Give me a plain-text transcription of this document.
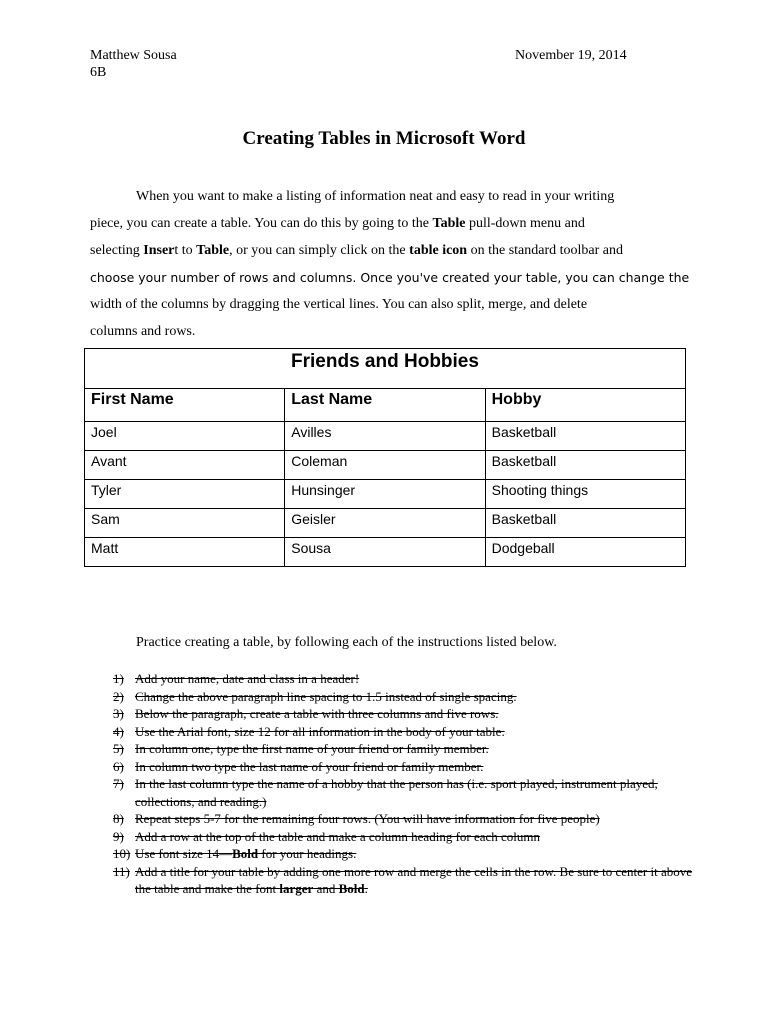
Matthew Sousa
6B
November 19, 2014
Creating Tables in Microsoft Word
When you want to make a listing of information neat and easy to read in your writing
piece, you can create a table. You can do this by going to the Table pull-down menu and
selecting Insert to Table, or you can simply click on the table icon on the standard toolbar and
choose your number of rows and columns. Once you've created your table, you can change the
width of the columns by dragging the vertical lines. You can also split, merge, and delete
columns and rows.
Friends and Hobbies		
First Name	Last Name	Hobby
Joel	Avilles	Basketball
Avant	Coleman	Basketball
Tyler	Hunsinger	Shooting things
Sam	Geisler	Basketball
Matt	Sousa	Dodgeball
Practice creating a table, by following each of the instructions listed below.
1) Add your name, date and class in a header!
2) Change the above paragraph line spacing to 1.5 instead of single spacing.
3) Below the paragraph, create a table with three columns and five rows.
4) Use the Arial font, size 12 for all information in the body of your table.
5) In column one, type the first name of your friend or family member.
6) In column two type the last name of your friend or family member.
7) In the last column type the name of a hobby that the person has (i.e. sport played, instrument played, collections, and reading.)
8) Repeat steps 5-7 for the remaining four rows. (You will have information for five people)
9) Add a row at the top of the table and make a column heading for each column
10) Use font size 14—Bold for your headings.
11) Add a title for your table by adding one more row and merge the cells in the row. Be sure to center it above the table and make the font larger and Bold.
